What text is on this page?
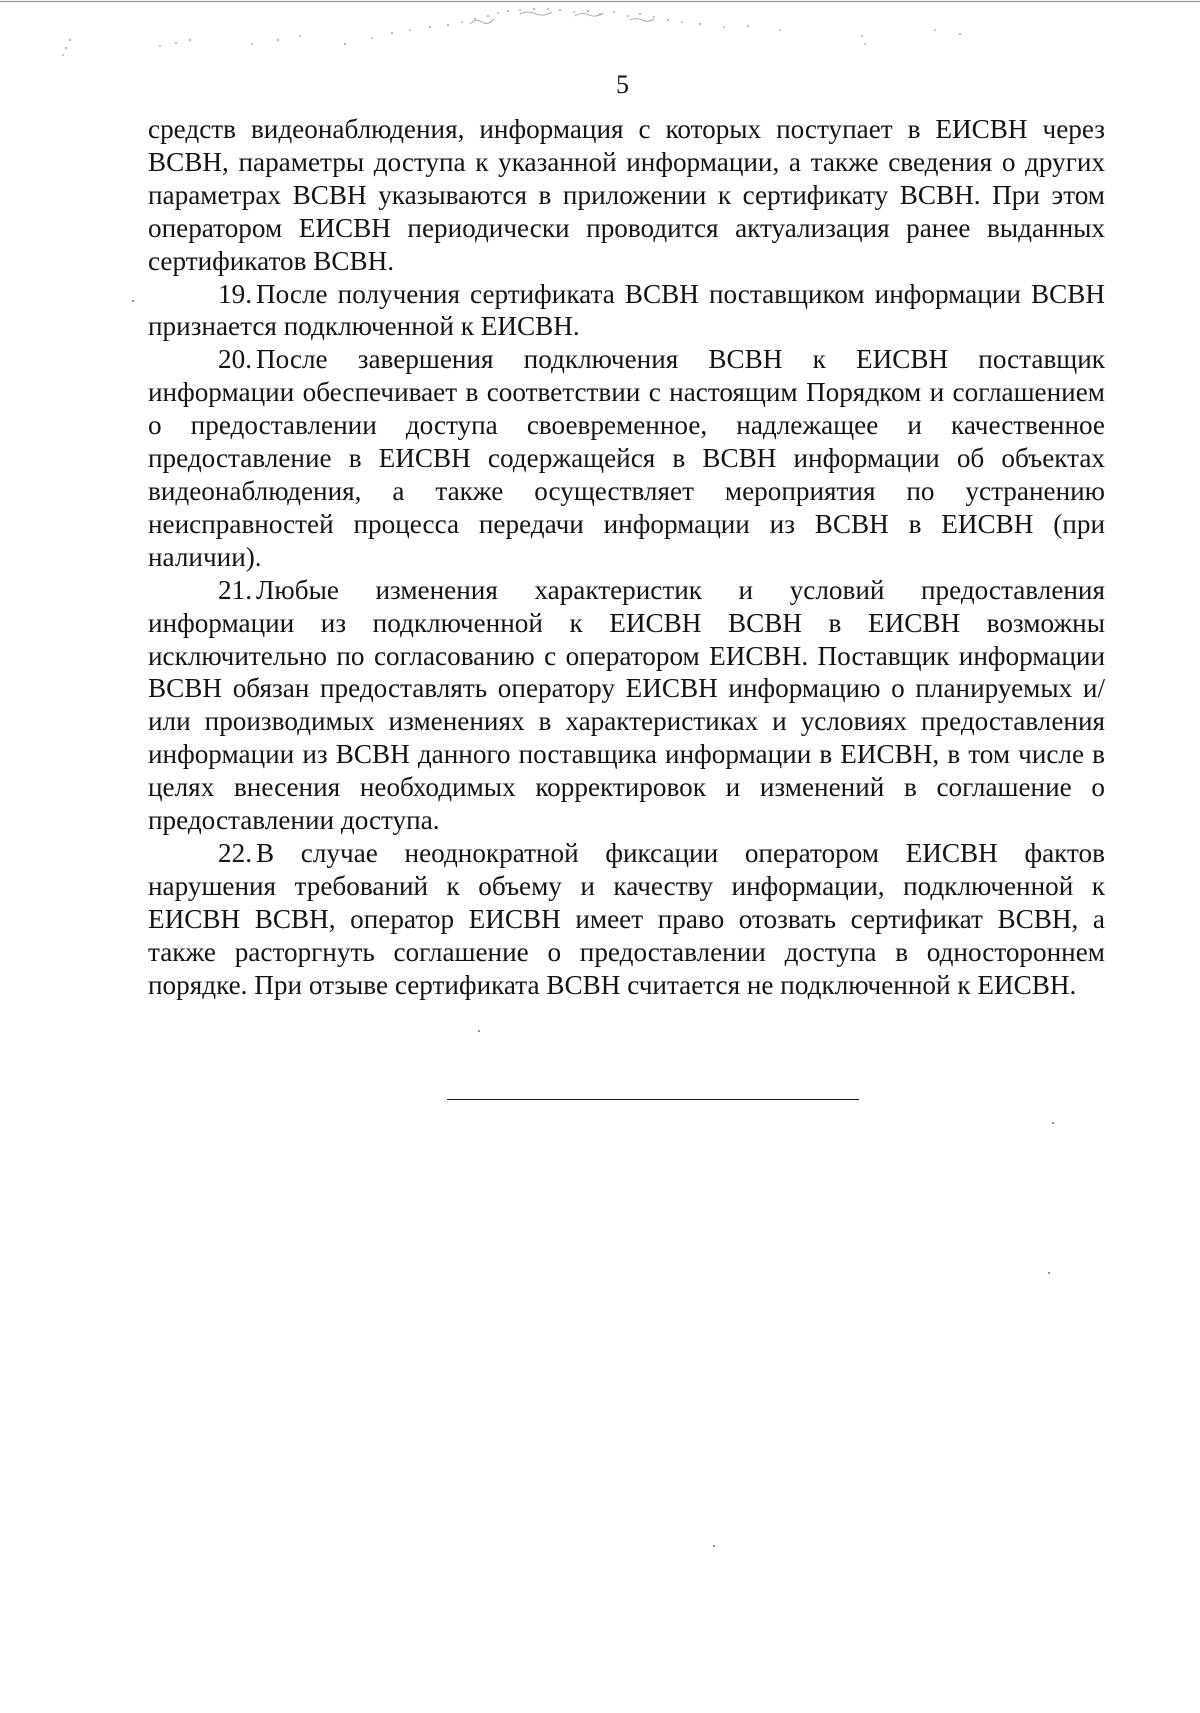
5

средств видеонаблюдения, информация с которых поступает в ЕИСВН через ВСВН, параметры доступа к указанной информации, а также сведения о других параметрах ВСВН указываются в приложении к сертификату ВСВН. При этом оператором ЕИСВН периодически проводится актуализация ранее выданных сертификатов ВСВН.

19. После получения сертификата ВСВН поставщиком информации ВСВН признается подключенной к ЕИСВН.

20. После завершения подключения ВСВН к ЕИСВН поставщик информации обеспечивает в соответствии с настоящим Порядком и соглашением о предоставлении доступа своевременное, надлежащее и качественное предоставление в ЕИСВН содержащейся в ВСВН информации об объектах видеонаблюдения, а также осуществляет мероприятия по устранению неисправностей процесса передачи информации из ВСВН в ЕИСВН (при наличии).

21. Любые изменения характеристик и условий предоставления информации из подключенной к ЕИСВН ВСВН в ЕИСВН возможны исключительно по согласованию с оператором ЕИСВН. Поставщик информации ВСВН обязан предоставлять оператору ЕИСВН информацию о планируемых и/или производимых изменениях в характеристиках и условиях предоставления информации из ВСВН данного поставщика информации в ЕИСВН, в том числе в целях внесения необходимых корректировок и изменений в соглашение о предоставлении доступа.

22. В случае неоднократной фиксации оператором ЕИСВН фактов нарушения требований к объему и качеству информации, подключенной к ЕИСВН ВСВН, оператор ЕИСВН имеет право отозвать сертификат ВСВН, а также расторгнуть соглашение о предоставлении доступа в одностороннем порядке. При отзыве сертификата ВСВН считается не подключенной к ЕИСВН.
